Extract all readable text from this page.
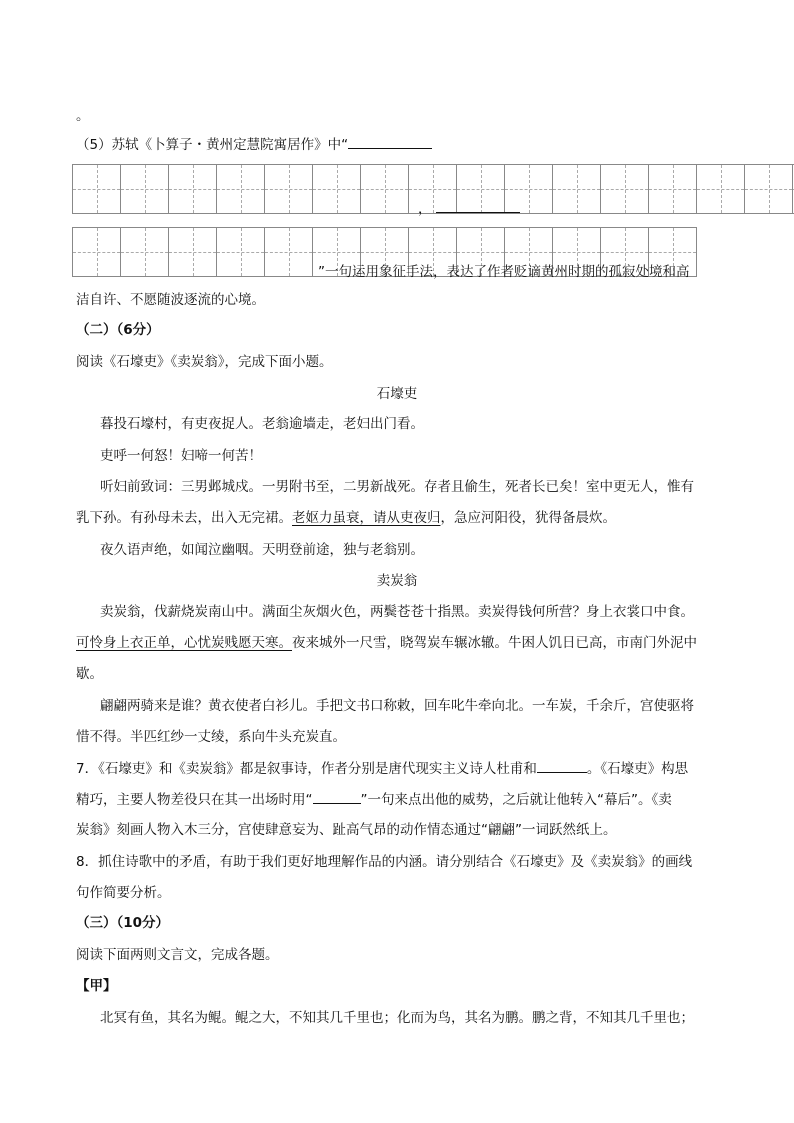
。
（5）苏轼《卜算子・黄州定慧院寓居作》中“
，
”一句运用象征手法，表达了作者贬谪黄州时期的孤寂处境和高
洁自许、不愿随波逐流的心境。
（二）（6分）
阅读《石壕吏》《卖炭翁》，完成下面小题。
石壕吏
暮投石壕村，有吏夜捉人。老翁逾墙走，老妇出门看。
吏呼一何怒！妇啼一何苦！
听妇前致词：三男邺城戍。一男附书至，二男新战死。存者且偷生，死者长已矣！室中更无人，惟有
乳下孙。有孙母未去，出入无完裙。老妪力虽衰，请从吏夜归，急应河阳役，犹得备晨炊。
夜久语声绝，如闻泣幽咽。天明登前途，独与老翁别。
卖炭翁
卖炭翁，伐薪烧炭南山中。满面尘灰烟火色，两鬓苍苍十指黑。卖炭得钱何所营？身上衣裳口中食。
可怜身上衣正单，心忧炭贱愿天寒。夜来城外一尺雪，晓驾炭车辗冰辙。牛困人饥日已高，市南门外泥中
歇。
翩翩两骑来是谁？黄衣使者白衫儿。手把文书口称敕，回车叱牛牵向北。一车炭，千余斤，宫使驱将
惜不得。半匹红纱一丈绫，系向牛头充炭直。
7．《石壕吏》和《卖炭翁》都是叙事诗，作者分别是唐代现实主义诗人杜甫和	。《石壕吏》构思
精巧，主要人物差役只在其一出场时用“	”一句来点出他的威势，之后就让他转入“幕后”。《卖
炭翁》刻画人物入木三分，宫使肆意妄为、趾高气昂的动作情态通过“翩翩”一词跃然纸上。
8．抓住诗歌中的矛盾，有助于我们更好地理解作品的内涵。请分别结合《石壕吏》及《卖炭翁》的画线
句作简要分析。
（三）（10分）
阅读下面两则文言文，完成各题。
【甲】
北冥有鱼，其名为鲲。鲲之大，不知其几千里也；化而为鸟，其名为鹏。鹏之背，不知其几千里也；
